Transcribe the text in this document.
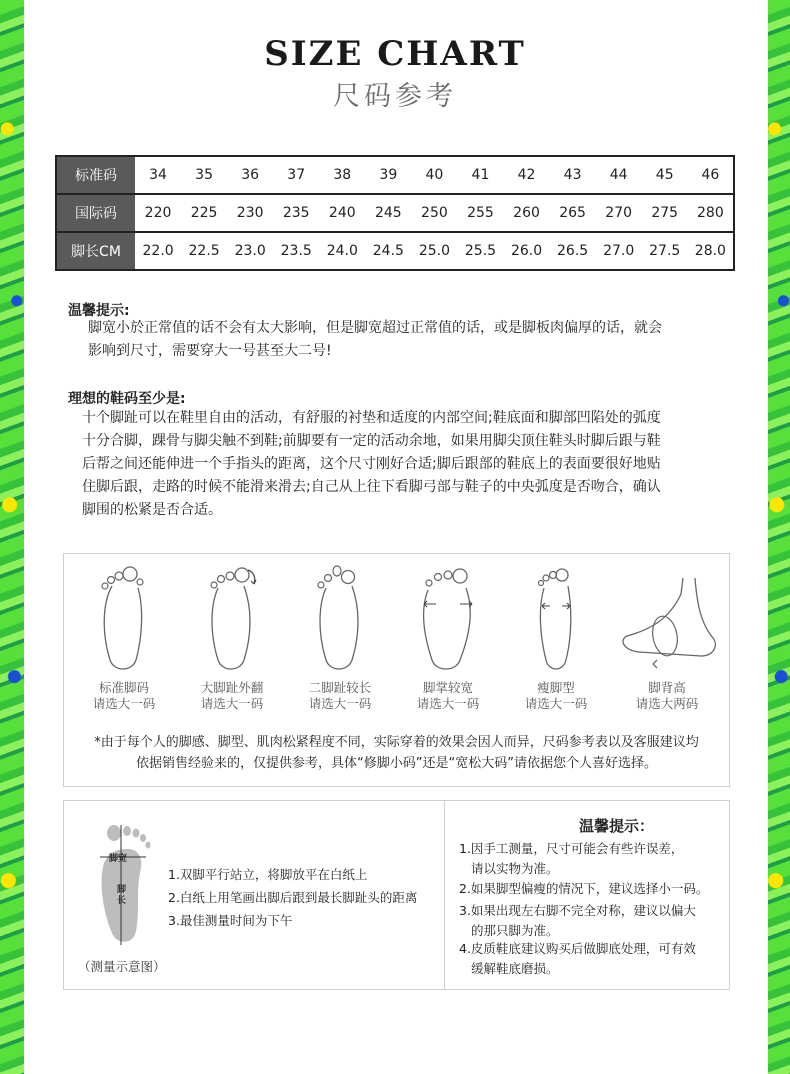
SIZE CHART
尺码参考
标准码	34	35	36	37	38	39	40	41	42	43	44	45	46
国际码	220	225	230	235	240	245	250	255	260	265	270	275	280
脚长CM	22.0	22.5	23.0	23.5	24.0	24.5	25.0	25.5	26.0	26.5	27.0	27.5	28.0
温馨提示:
脚宽小於正常值的话不会有太大影响，但是脚宽超过正常值的话，或是脚板肉偏厚的话，就会
影响到尺寸，需要穿大一号甚至大二号!
理想的鞋码至少是:
十个脚趾可以在鞋里自由的活动，有舒服的衬垫和适度的内部空间;鞋底面和脚部凹陷处的弧度
十分合脚，踝骨与脚尖触不到鞋;前脚要有一定的活动余地，如果用脚尖顶住鞋头时脚后跟与鞋
后帮之间还能伸进一个手指头的距离，这个尺寸刚好合适;脚后跟部的鞋底上的表面要很好地贴
住脚后跟，走路的时候不能滑来滑去;自己从上往下看脚弓部与鞋子的中央弧度是否吻合，确认
脚围的松紧是否合适。
标准脚码
请选大一码
大脚趾外翻
请选大一码
二脚趾较长
请选大一码
脚掌较宽
请选大一码
瘦脚型
请选大一码
脚背高
请选大两码
*由于每个人的脚感、脚型、肌肉松紧程度不同，实际穿着的效果会因人而异，尺码参考表以及客服建议均
依据销售经验来的，仅提供参考，具体“修脚小码”还是“宽松大码”请依据您个人喜好选择。
脚宽
脚长
（测量示意图）
1.双脚平行站立，将脚放平在白纸上
2.白纸上用笔画出脚后跟到最长脚趾头的距离
3.最佳测量时间为下午
温馨提示：
1.因手工测量，尺寸可能会有些许误差，
请以实物为准。
2.如果脚型偏瘦的情况下，建议选择小一码。
3.如果出现左右脚不完全对称，建议以偏大
的那只脚为准。
4.皮质鞋底建议购买后做脚底处理，可有效
缓解鞋底磨损。
